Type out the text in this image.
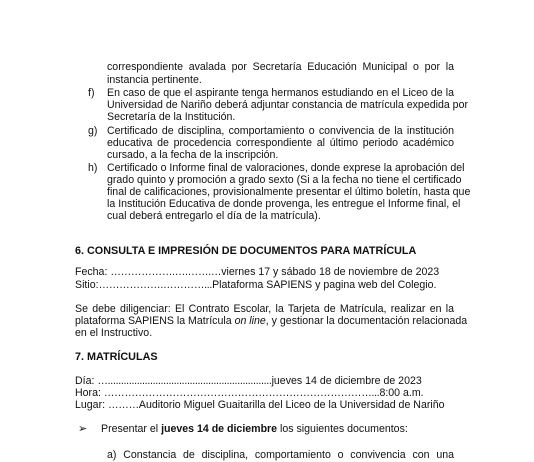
correspondiente avalada por Secretaría Educación Municipal o por la
instancia pertinente.
f) En caso de que el aspirante tenga hermanos estudiando en el Liceo de la
Universidad de Nariño deberá adjuntar constancia de matrícula expedida por
Secretaría de la Institución.
g) Certificado de disciplina, comportamiento o convivencia de la institución
educativa de procedencia correspondiente al último periodo académico
cursado, a la fecha de la inscripción.
h) Certificado o Informe final de valoraciones, donde exprese la aprobación del
grado quinto y promoción a grado sexto (Si a la fecha no tiene el certificado
final de calificaciones, provisionalmente presentar el último boletín, hasta que
la Institución Educativa de donde provenga, les entregue el Informe final, el
cual deberá entregarlo el día de la matrícula).
6. CONSULTA E IMPRESIÓN DE DOCUMENTOS PARA MATRÍCULA
Fecha: ……………….….…….…viernes 17 y sábado 18 de noviembre de 2023
Sitio:……………….…………...Plataforma SAPIENS y pagina web del Colegio.
Se debe diligenciar: El Contrato Escolar, la Tarjeta de Matrícula, realizar en la
plataforma SAPIENS la Matrícula on line, y gestionar la documentación relacionada
en el Instructivo.
7. MATRÍCULAS
Día: …..............................................................jueves 14 de diciembre de 2023
Hora: ……………………………………………………………………...8:00 a.m.
Lugar: ………Auditorio Miguel Guaitarilla del Liceo de la Universidad de Nariño
➢ Presentar el jueves 14 de diciembre los siguientes documentos:
a) Constancia de disciplina, comportamiento o convivencia con una
